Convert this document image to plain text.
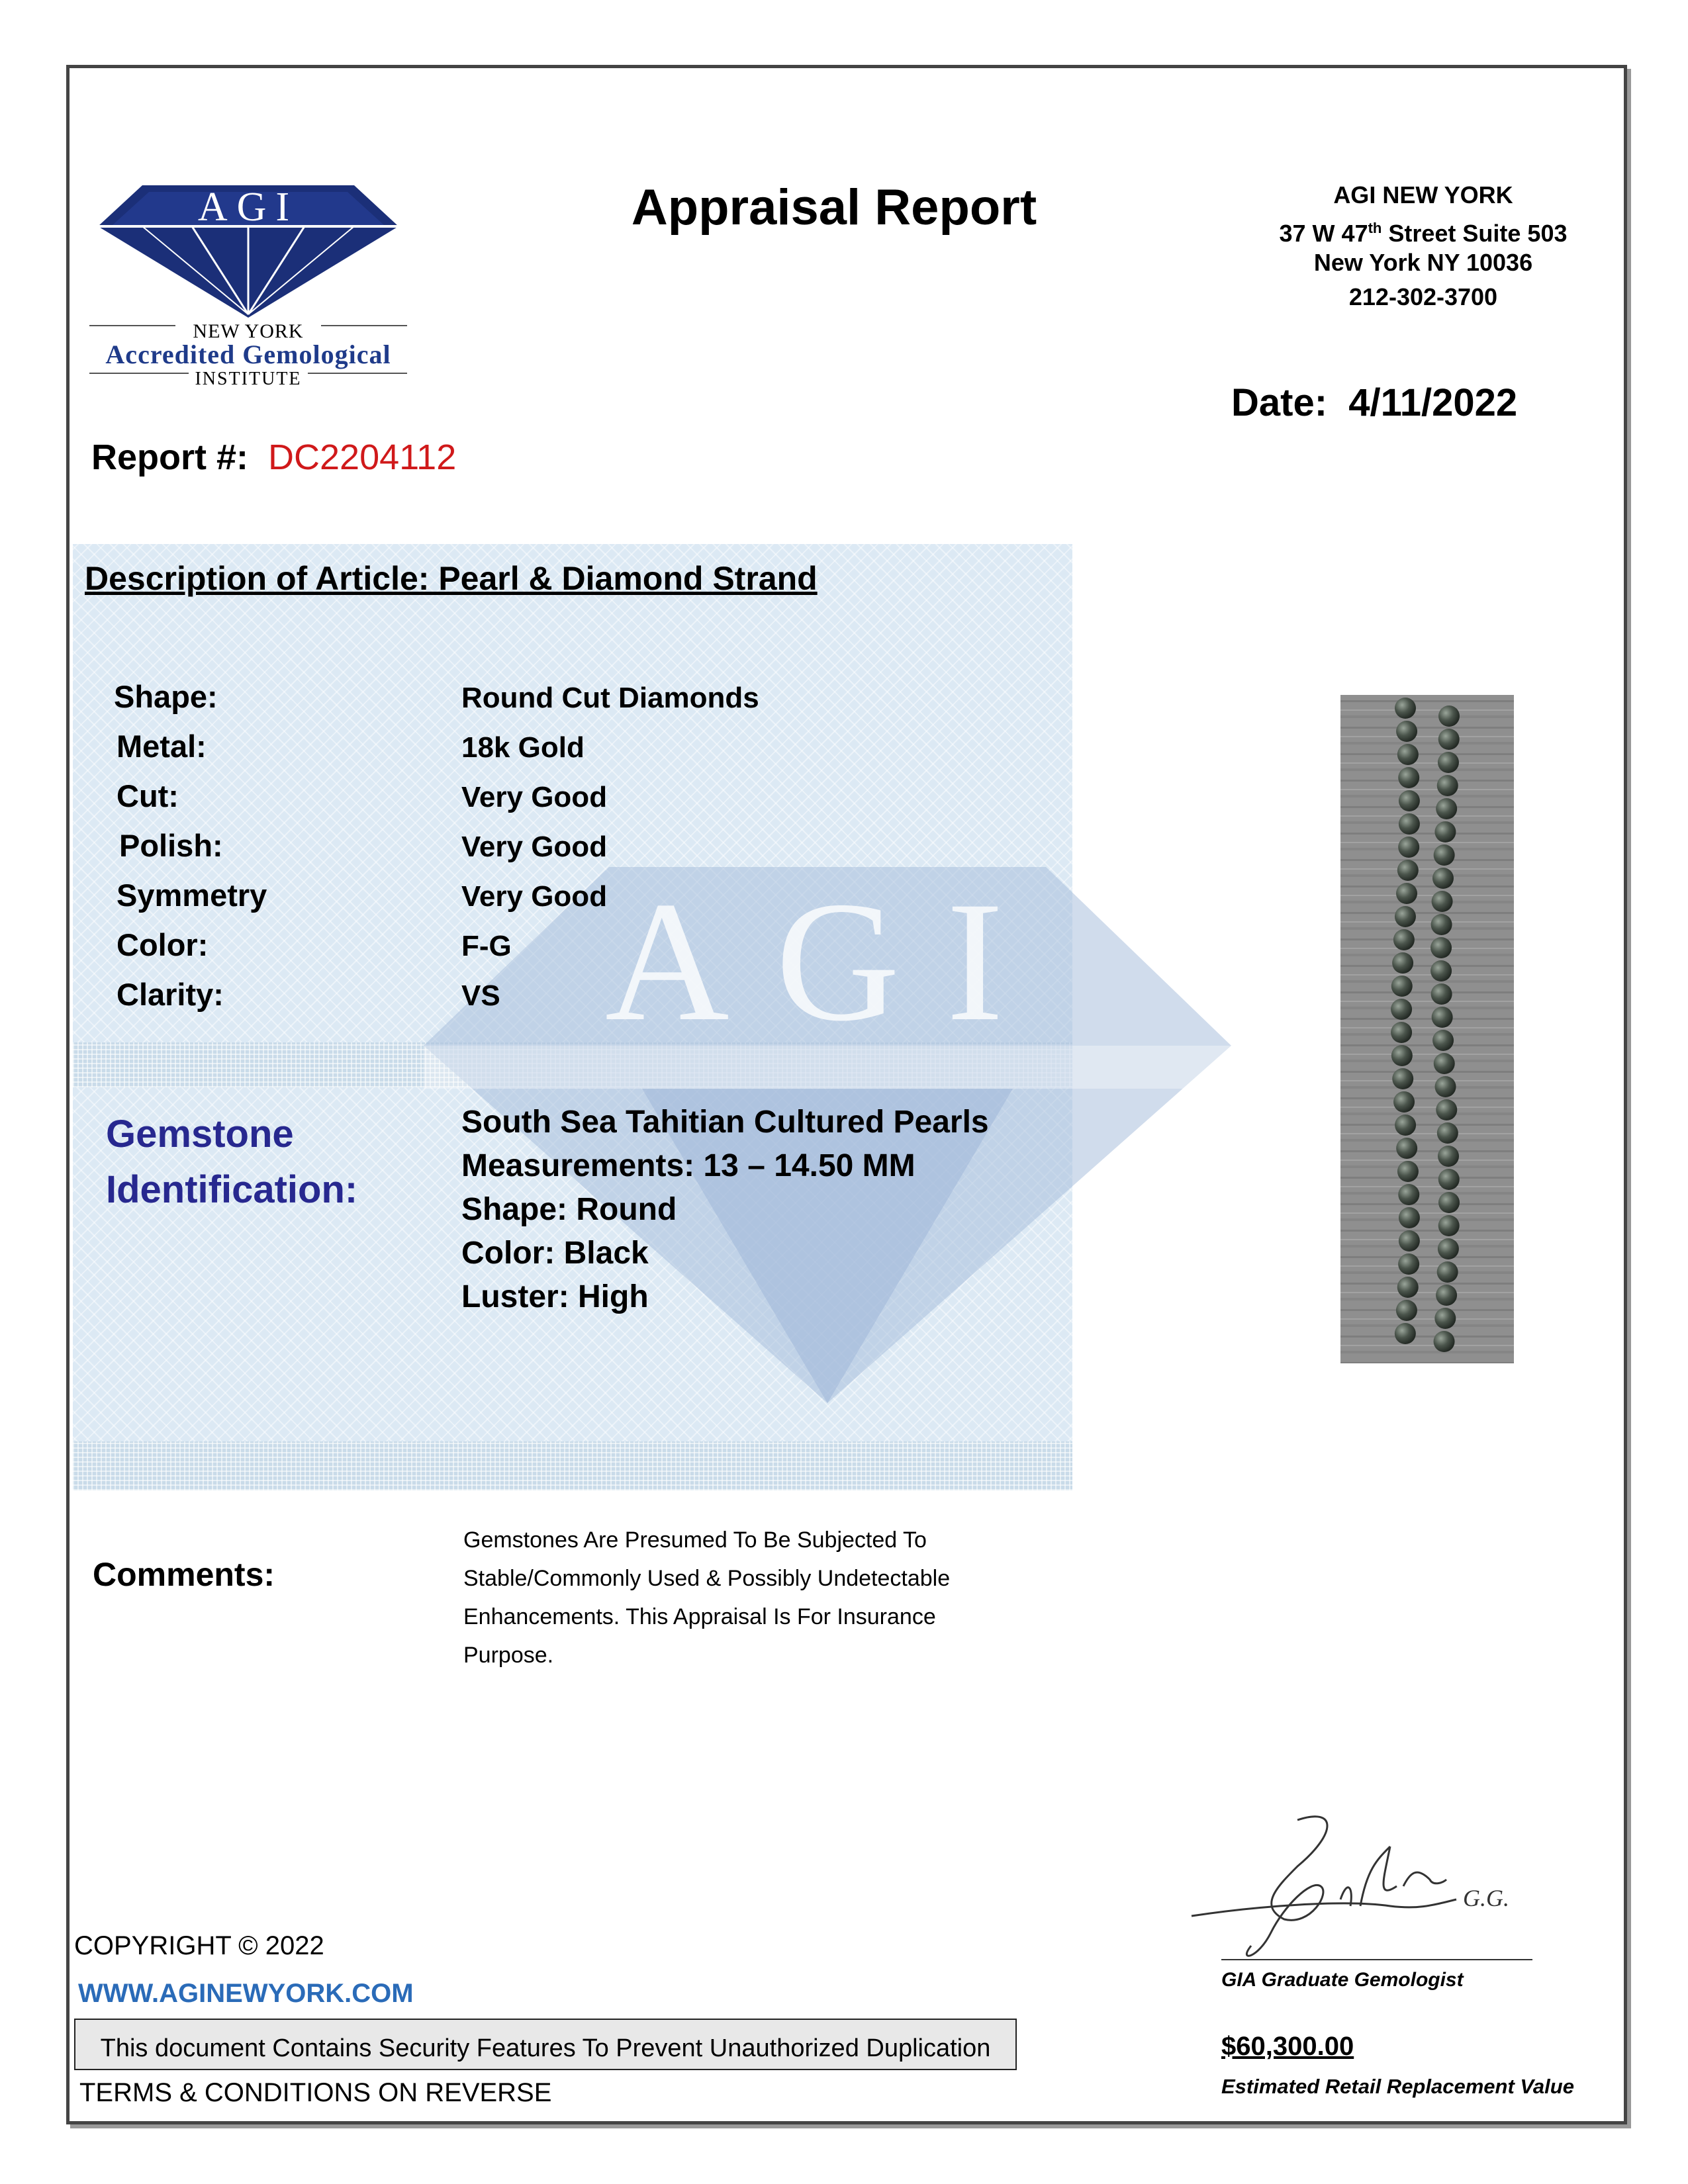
AGI
NEW YORK
Accredited Gemological
INSTITUTE
Appraisal Report	AGI NEW YORK
37 W 47th Street Suite 503
New York NY 10036
212-302-3700
Date: 4/11/2022
Report #: DC2204112
AGI
Description of Article: Pearl & Diamond Strand
Shape:	Round Cut Diamonds
Metal:	18k Gold
Cut:	Very Good
Polish:	Very Good
Symmetry	Very Good
Color:	F-G
Clarity:	VS
Gemstone Identification:
South Sea Tahitian Cultured Pearls
Measurements: 13 – 14.50 MM
Shape: Round
Color: Black
Luster: High
Comments:
Gemstones Are Presumed To Be Subjected To
Stable/Commonly Used & Possibly Undetectable
Enhancements. This Appraisal Is For Insurance
Purpose.
G.G.
GIA Graduate Gemologist
$60,300.00
Estimated Retail Replacement Value
COPYRIGHT © 2022
WWW.AGINEWYORK.COM
This document Contains Security Features To Prevent Unauthorized Duplication
TERMS & CONDITIONS ON REVERSE
